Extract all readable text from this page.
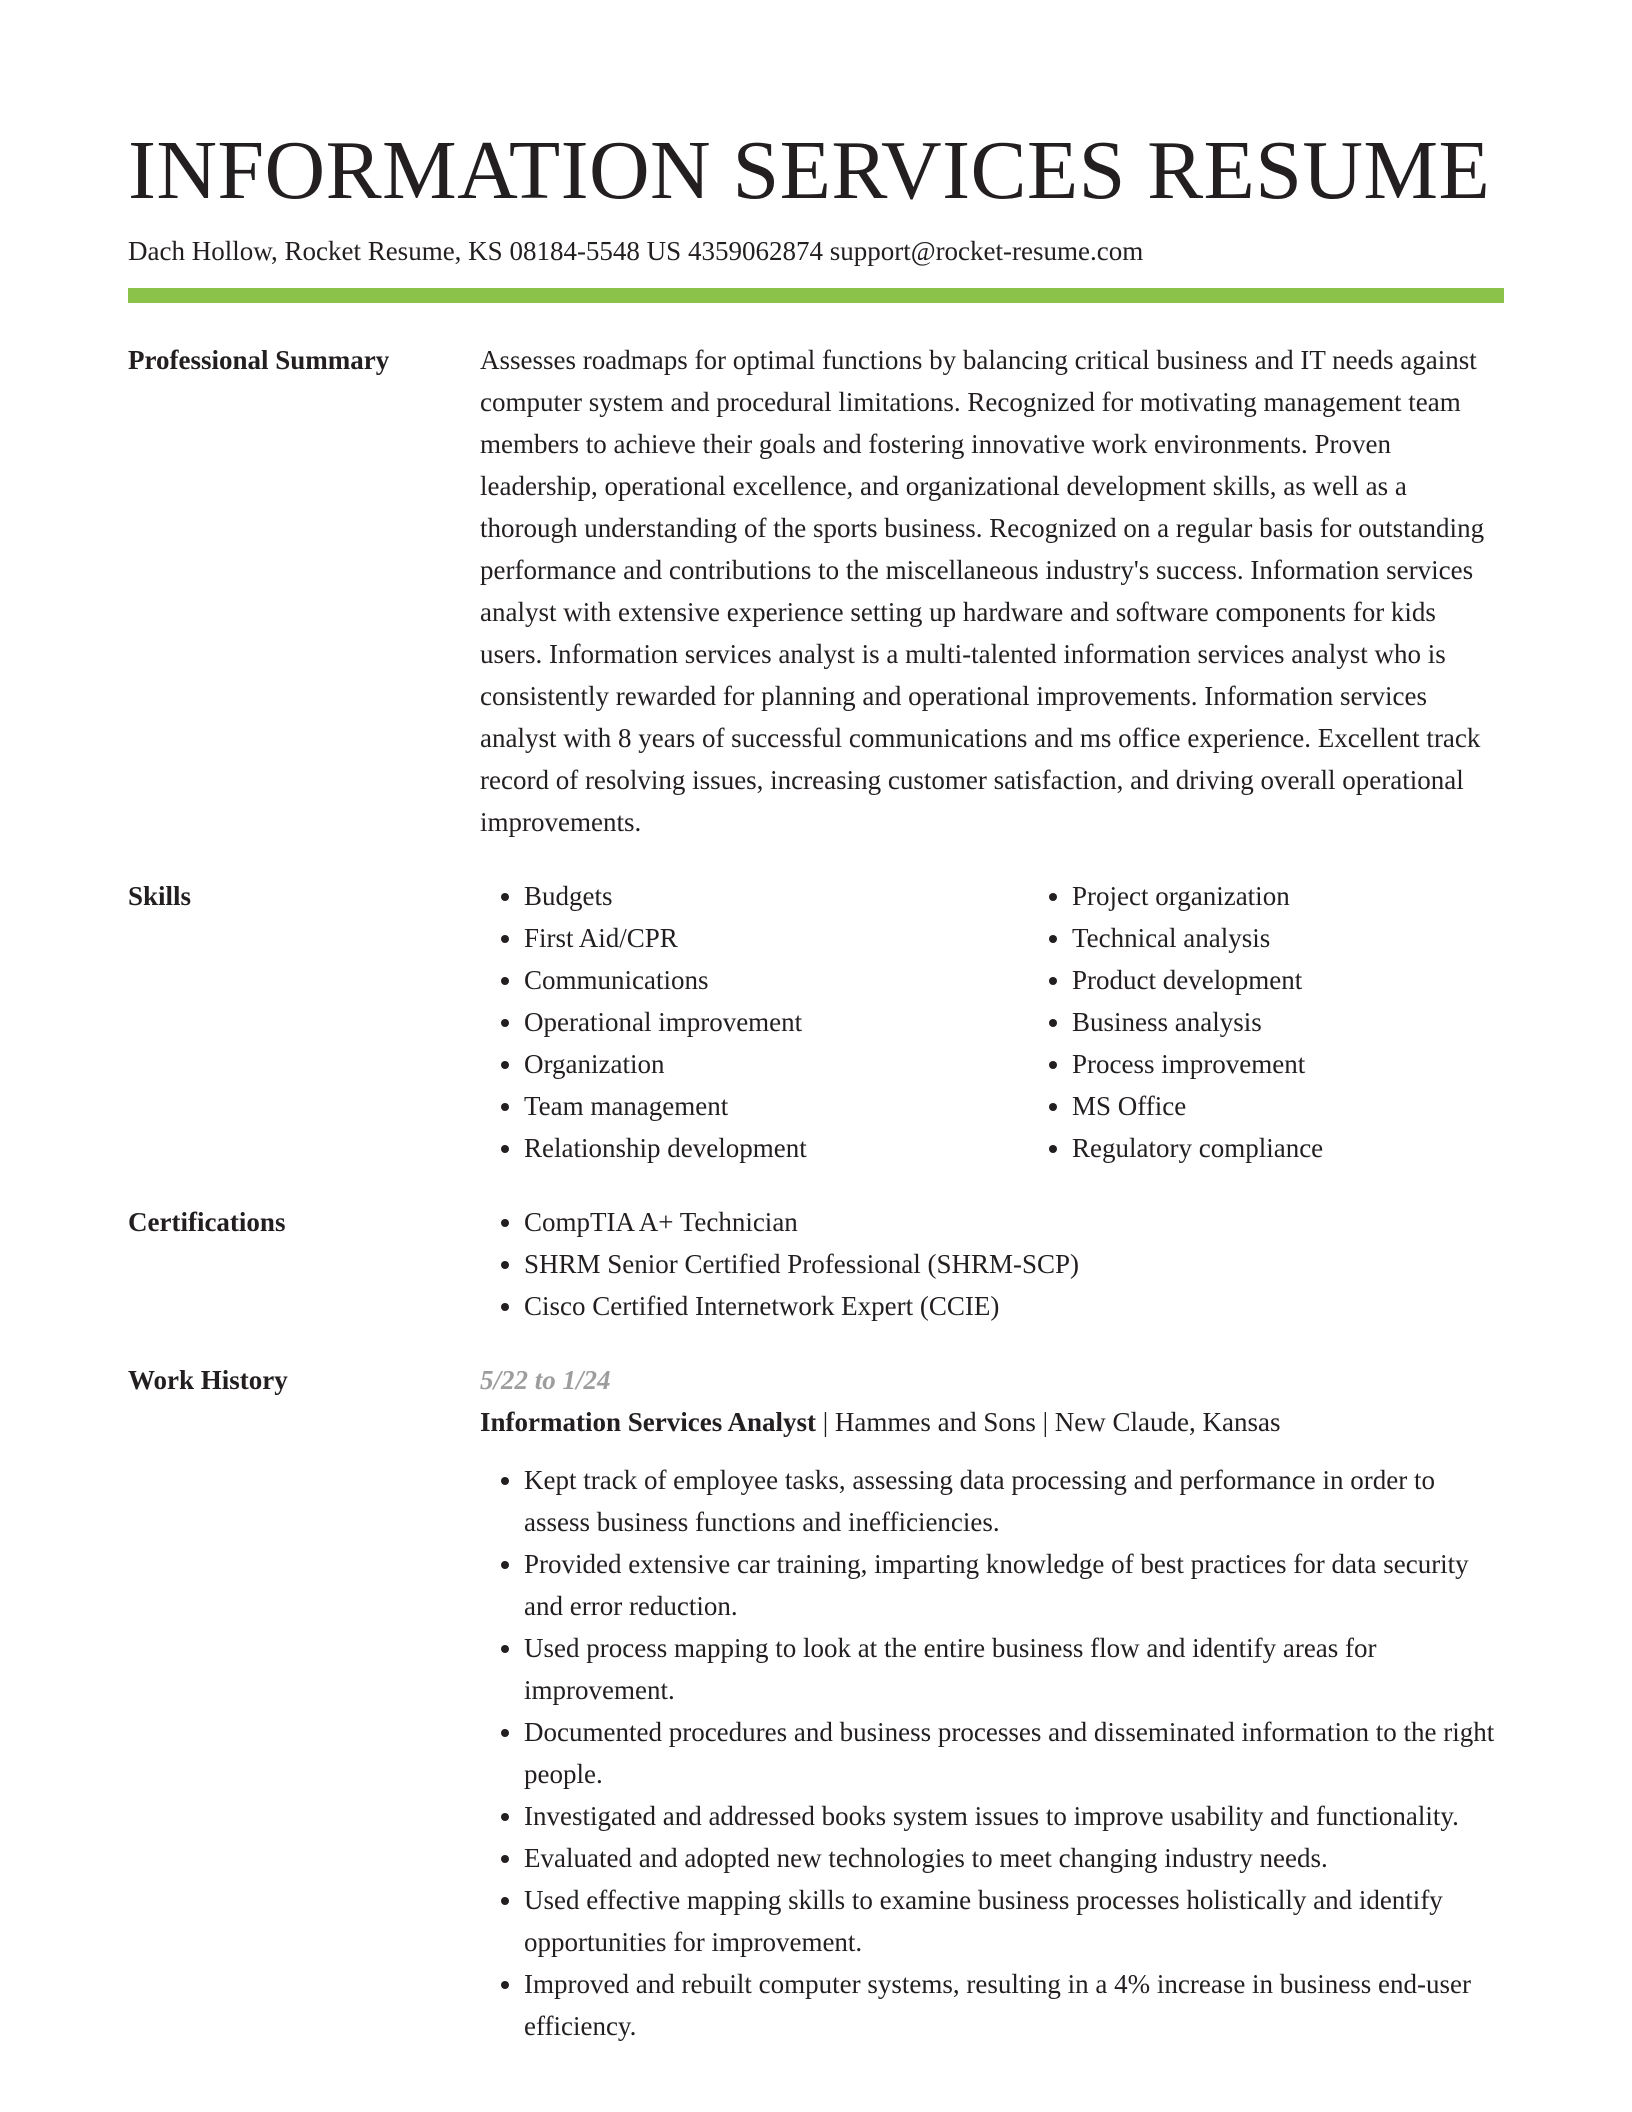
INFORMATION SERVICES RESUME
Dach Hollow, Rocket Resume, KS 08184-5548 US 4359062874 support@rocket-resume.com
Professional Summary	Assesses roadmaps for optimal functions by balancing critical business and IT needs against computer system and procedural limitations. Recognized for motivating management team members to achieve their goals and fostering innovative work environments. Proven leadership, operational excellence, and organizational development skills, as well as a thorough understanding of the sports business. Recognized on a regular basis for outstanding performance and contributions to the miscellaneous industry's success. Information services analyst with extensive experience setting up hardware and software components for kids users. Information services analyst is a multi-talented information services analyst who is consistently rewarded for planning and operational improvements. Information services analyst with 8 years of successful communications and ms office experience. Excellent track record of resolving issues, increasing customer satisfaction, and driving overall operational improvements.
Skills	• Budgets
• First Aid/CPR
• Communications
• Operational improvement
• Organization
• Team management
• Relationship development
• Project organization
• Technical analysis
• Product development
• Business analysis
• Process improvement
• MS Office
• Regulatory compliance
Certifications	• CompTIA A+ Technician
• SHRM Senior Certified Professional (SHRM-SCP)
• Cisco Certified Internetwork Expert (CCIE)
Work History	5/22 to 1/24
Information Services Analyst | Hammes and Sons | New Claude, Kansas
• Kept track of employee tasks, assessing data processing and performance in order to assess business functions and inefficiencies.
• Provided extensive car training, imparting knowledge of best practices for data security and error reduction.
• Used process mapping to look at the entire business flow and identify areas for improvement.
• Documented procedures and business processes and disseminated information to the right people.
• Investigated and addressed books system issues to improve usability and functionality.
• Evaluated and adopted new technologies to meet changing industry needs.
• Used effective mapping skills to examine business processes holistically and identify opportunities for improvement.
• Improved and rebuilt computer systems, resulting in a 4% increase in business end-user efficiency.
